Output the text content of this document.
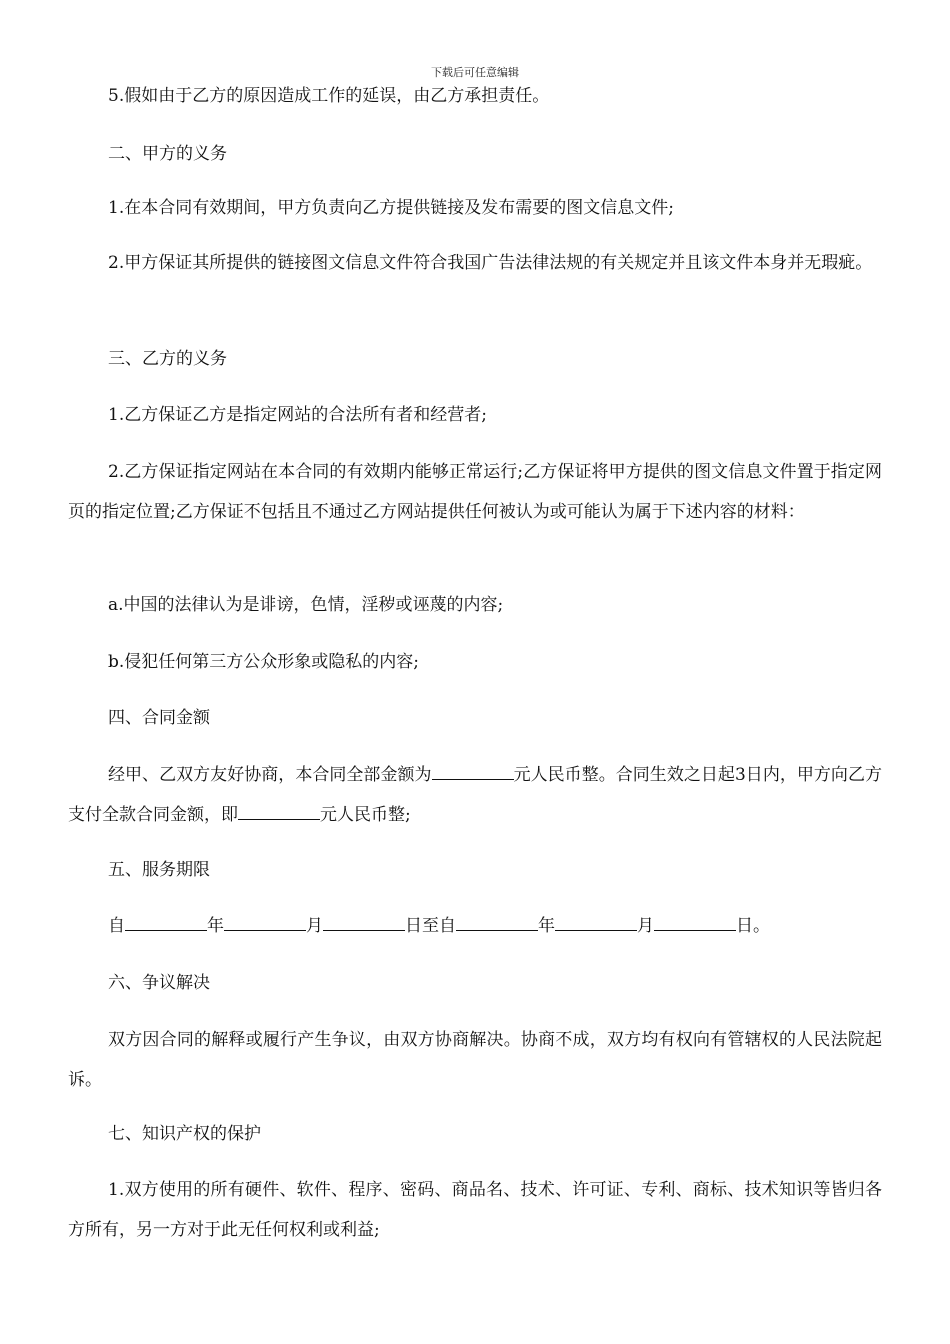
下载后可任意编辑

5.假如由于乙方的原因造成工作的延误，由乙方承担责任。

二、甲方的义务

1.在本合同有效期间，甲方负责向乙方提供链接及发布需要的图文信息文件;

2.甲方保证其所提供的链接图文信息文件符合我国广告法律法规的有关规定并且该文件本身并无瑕疵。

三、乙方的义务

1.乙方保证乙方是指定网站的合法所有者和经营者;

2.乙方保证指定网站在本合同的有效期内能够正常运行;乙方保证将甲方提供的图文信息文件置于指定网页的指定位置;乙方保证不包括且不通过乙方网站提供任何被认为或可能认为属于下述内容的材料：

a.中国的法律认为是诽谤，色情，淫秽或诬蔑的内容;

b.侵犯任何第三方公众形象或隐私的内容;

四、合同金额

经甲、乙双方友好协商，本合同全部金额为	元人民币整。合同生效之日起3日内，甲方向乙方支付全款合同金额，即	元人民币整;

五、服务期限

自	年	月	日至自	年	月	日。

六、争议解决

双方因合同的解释或履行产生争议，由双方协商解决。协商不成，双方均有权向有管辖权的人民法院起诉。

七、知识产权的保护

1.双方使用的所有硬件、软件、程序、密码、商品名、技术、许可证、专利、商标、技术知识等皆归各方所有，另一方对于此无任何权利或利益;
